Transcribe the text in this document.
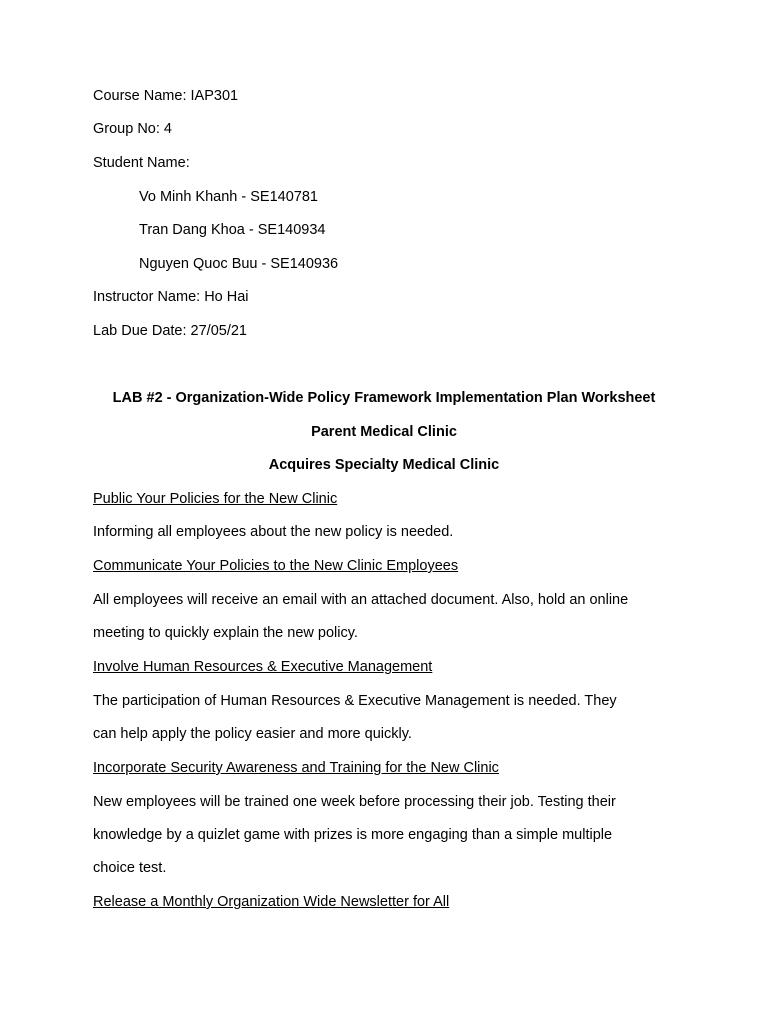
Course Name: IAP301
Group No: 4
Student Name:
Vo Minh Khanh - SE140781
Tran Dang Khoa - SE140934
Nguyen Quoc Buu - SE140936
Instructor Name: Ho Hai
Lab Due Date: 27/05/21
LAB #2 - Organization-Wide Policy Framework Implementation Plan Worksheet
Parent Medical Clinic
Acquires Specialty Medical Clinic
Public Your Policies for the New Clinic
Informing all employees about the new policy is needed.
Communicate Your Policies to the New Clinic Employees
All employees will receive an email with an attached document. Also, hold an online
meeting to quickly explain the new policy.
Involve Human Resources & Executive Management
The participation of Human Resources & Executive Management is needed. They
can help apply the policy easier and more quickly.
Incorporate Security Awareness and Training for the New Clinic
New employees will be trained one week before processing their job. Testing their
knowledge by a quizlet game with prizes is more engaging than a simple multiple
choice test.
Release a Monthly Organization Wide Newsletter for All
